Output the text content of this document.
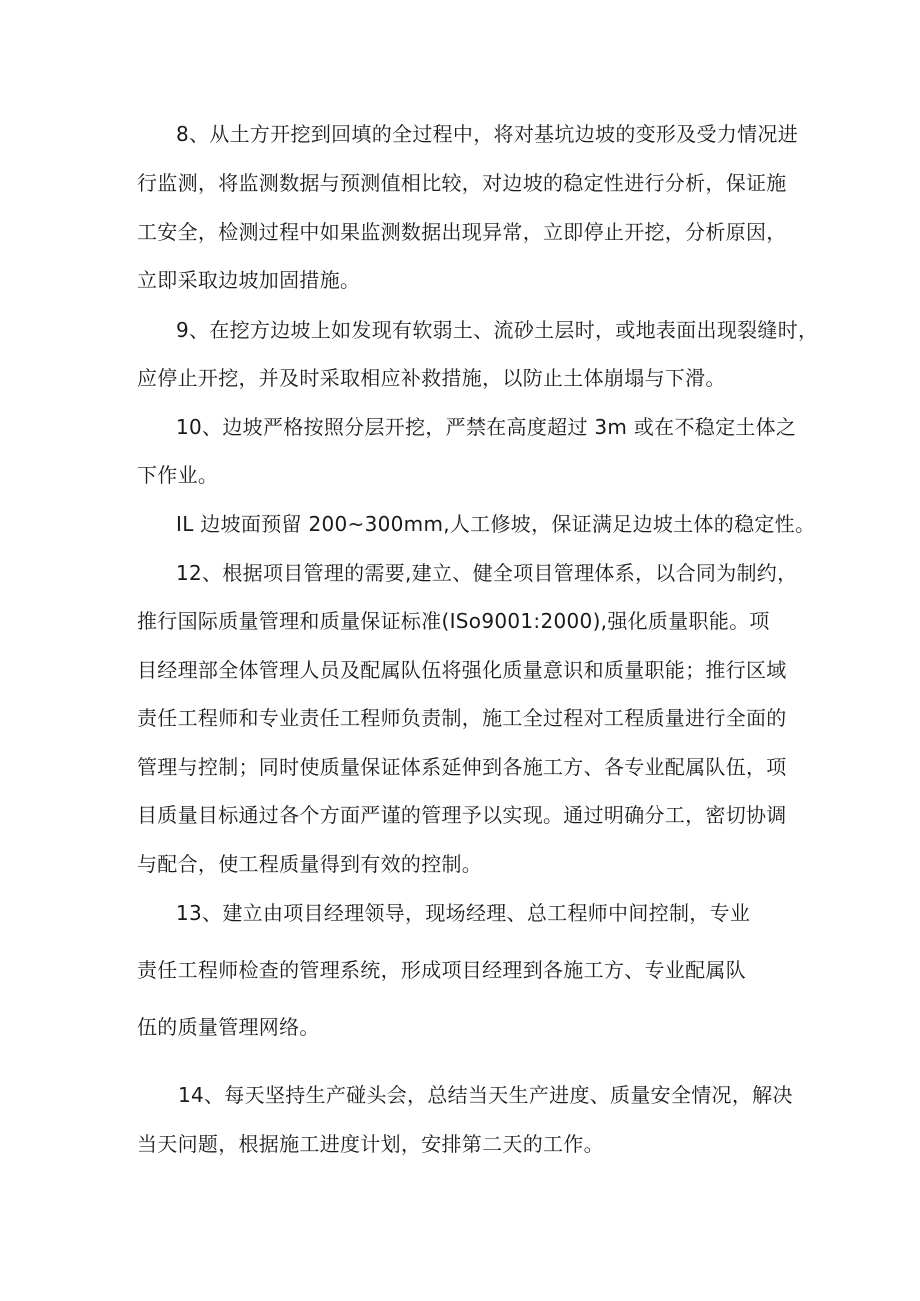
8、从土方开挖到回填的全过程中，将对基坑边坡的变形及受力情况进
行监测，将监测数据与预测值相比较，对边坡的稳定性进行分析，保证施
工安全，检测过程中如果监测数据出现异常，立即停止开挖，分析原因，
立即采取边坡加固措施。
9、在挖方边坡上如发现有软弱土、流砂土层时，或地表面出现裂缝时，
应停止开挖，并及时采取相应补救措施，以防止土体崩塌与下滑。
10、边坡严格按照分层开挖，严禁在高度超过 3m 或在不稳定土体之
下作业。
IL 边坡面预留 200~300mm,人工修坡，保证满足边坡土体的稳定性。
12、根据项目管理的需要,建立、健全项目管理体系，以合同为制约，
推行国际质量管理和质量保证标准(ISo9001:2000),强化质量职能。项
目经理部全体管理人员及配属队伍将强化质量意识和质量职能；推行区域
责任工程师和专业责任工程师负责制，施工全过程对工程质量进行全面的
管理与控制；同时使质量保证体系延伸到各施工方、各专业配属队伍，项
目质量目标通过各个方面严谨的管理予以实现。通过明确分工，密切协调
与配合，使工程质量得到有效的控制。
13、建立由项目经理领导，现场经理、总工程师中间控制，专业
责任工程师检查的管理系统，形成项目经理到各施工方、专业配属队
伍的质量管理网络。
14、每天坚持生产碰头会，总结当天生产进度、质量安全情况，解决
当天问题，根据施工进度计划，安排第二天的工作。
